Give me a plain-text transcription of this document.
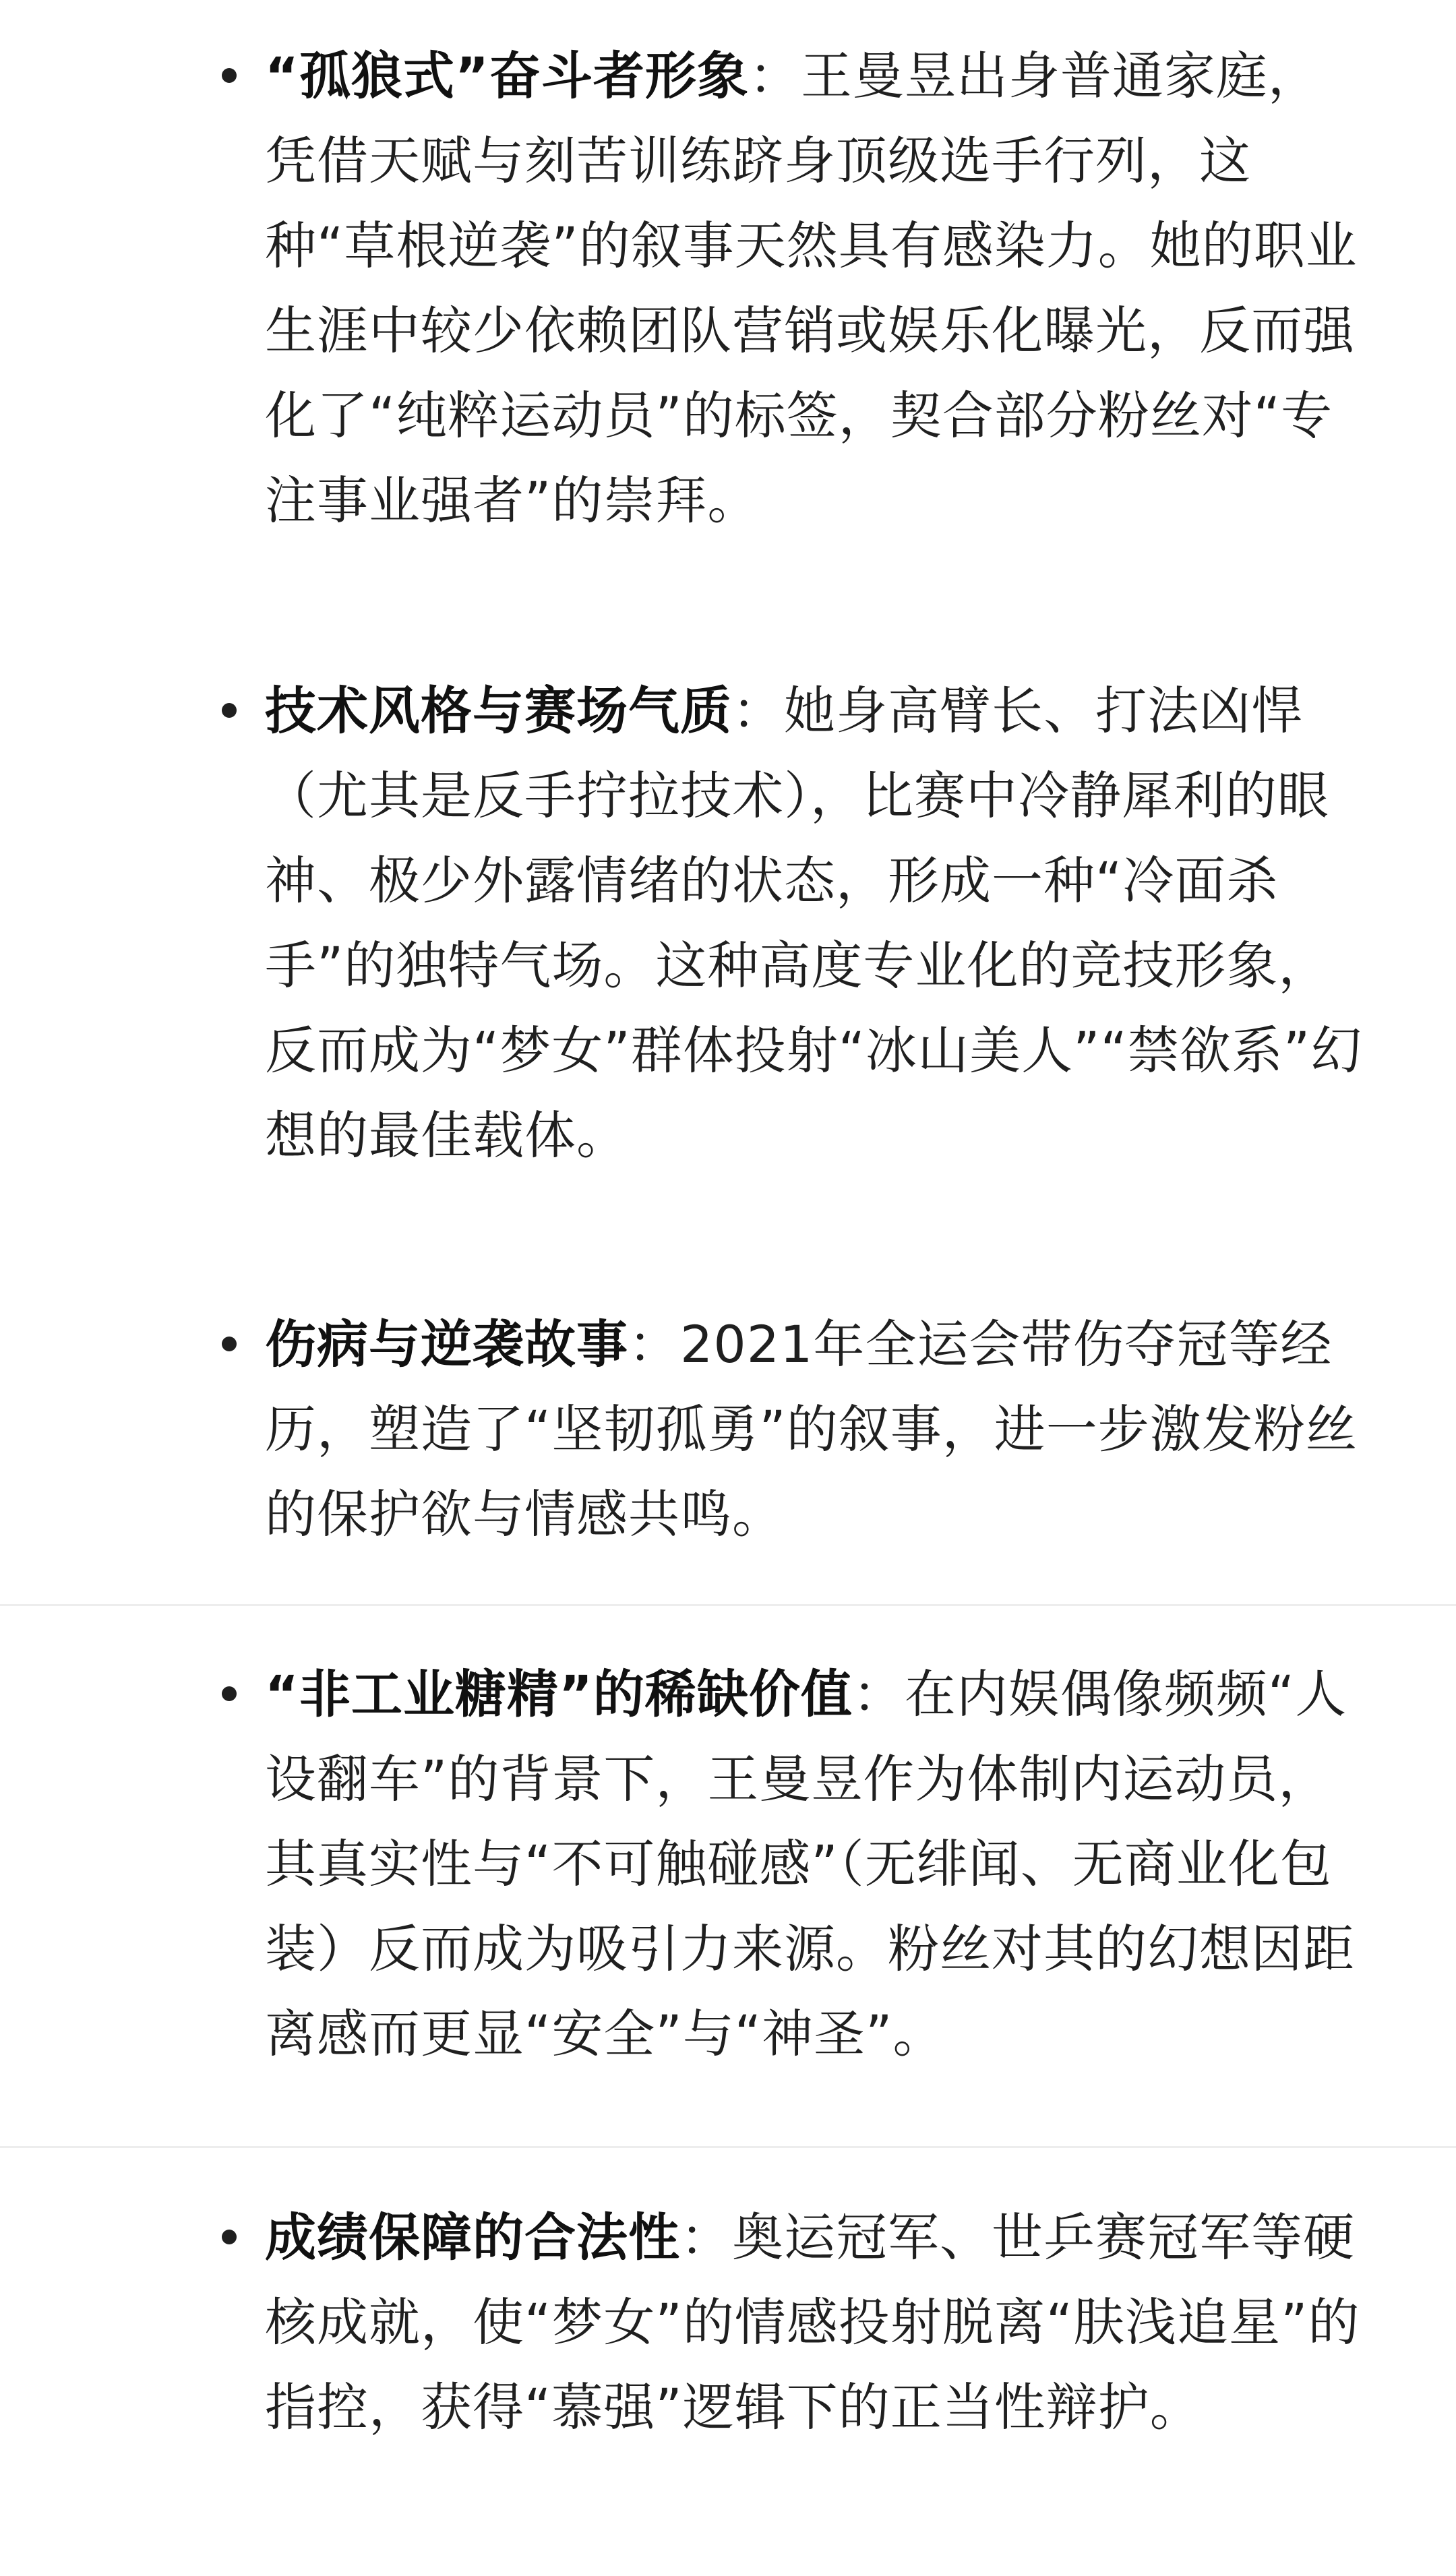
“孤狼式”奋斗者形象：王曼昱出身普通家庭，凭借天赋与刻苦训练跻身顶级选手行列，这种“草根逆袭”的叙事天然具有感染力。她的职业生涯中较少依赖团队营销或娱乐化曝光，反而强化了“纯粹运动员”的标签，契合部分粉丝对“专注事业强者”的崇拜。
技术风格与赛场气质：她身高臂长、打法凶悍（尤其是反手拧拉技术），比赛中冷静犀利的眼神、极少外露情绪的状态，形成一种“冷面杀手”的独特气场。这种高度专业化的竞技形象，反而成为“梦女”群体投射“冰山美人”“禁欲系”幻想的最佳载体。
伤病与逆袭故事：2021年全运会带伤夺冠等经历，塑造了“坚韧孤勇”的叙事，进一步激发粉丝的保护欲与情感共鸣。
“非工业糖精”的稀缺价值：在内娱偶像频频“人设翻车”的背景下，王曼昱作为体制内运动员，其真实性与“不可触碰感”（无绯闻、无商业化包装）反而成为吸引力来源。粉丝对其的幻想因距离感而更显“安全”与“神圣”。
成绩保障的合法性：奥运冠军、世乒赛冠军等硬核成就，使“梦女”的情感投射脱离“肤浅追星”的指控，获得“慕强”逻辑下的正当性辩护。
